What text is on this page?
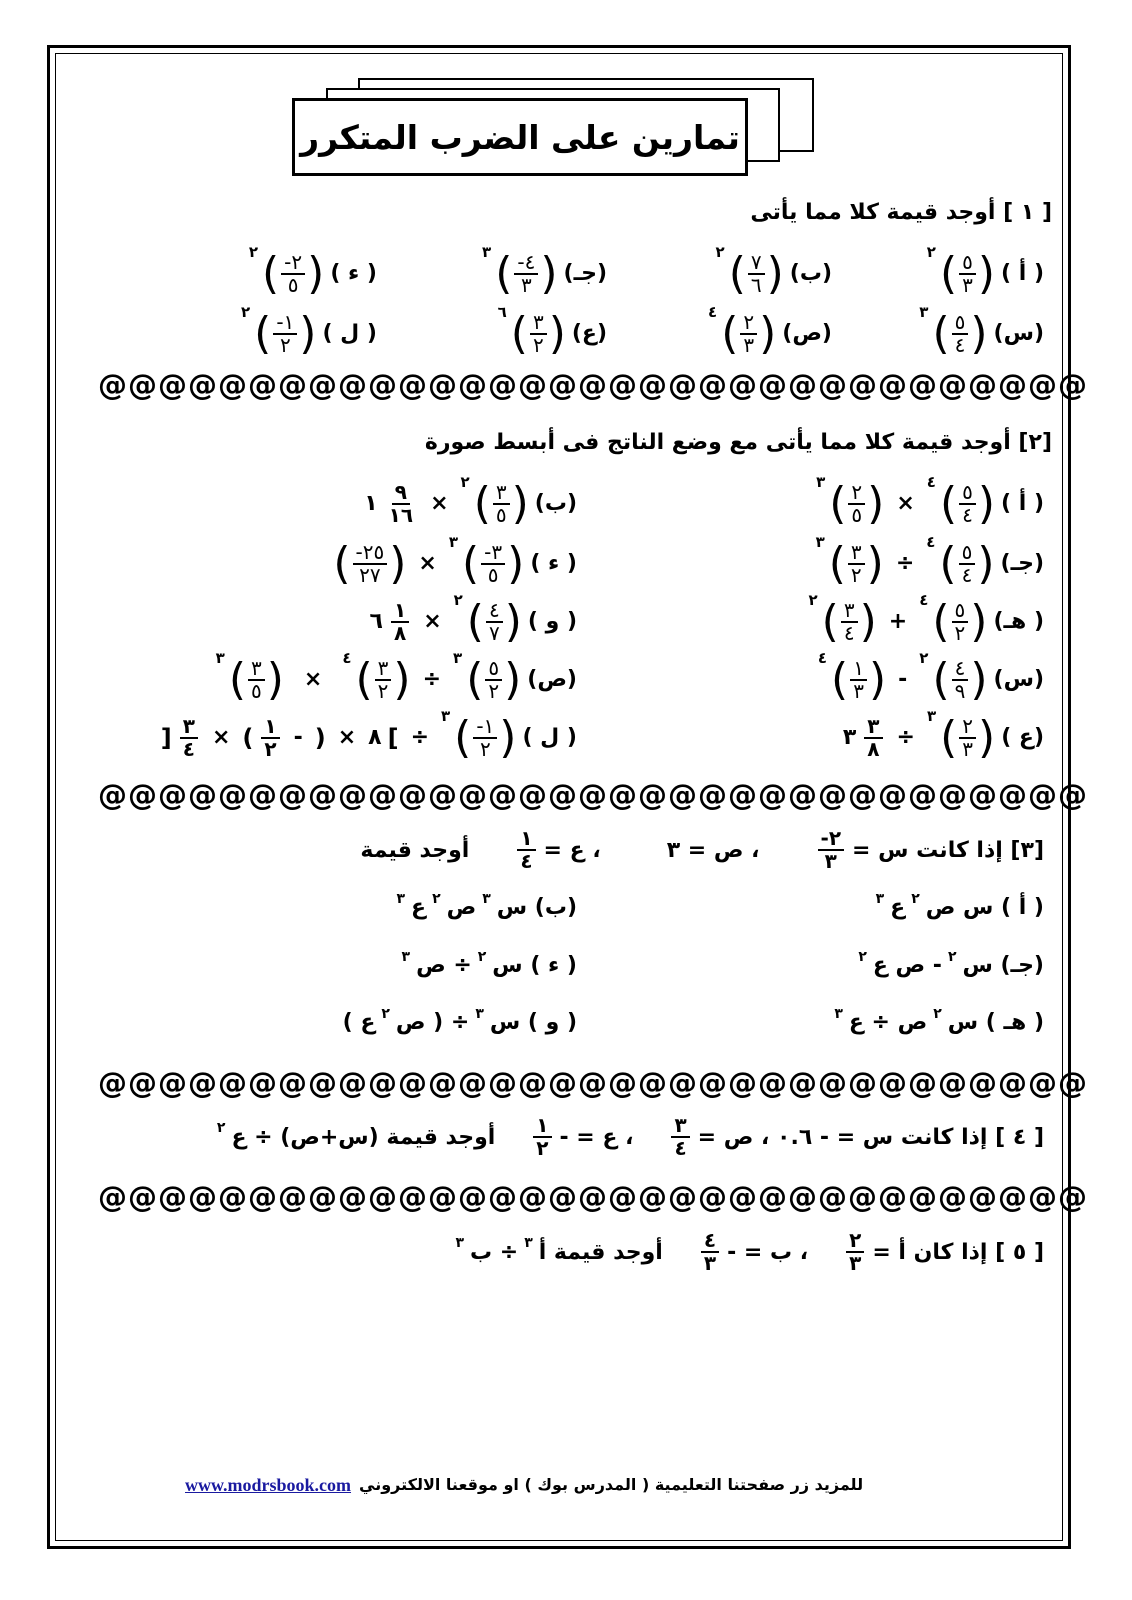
تمارين على الضرب المتكرر
[ ١ ] أوجد قيمة كلا مما يأتى
( أ )
(
$\frac{٥}{٣}$
)
٢
(ب)
(
$\frac{٧}{٦}$
)
٢
(جـ)
(
$\frac{٤-}{٣}$
)
٣
( ء )
(
$\frac{٢-}{٥}$
)
٢
(س)
(
$\frac{٥}{٤}$
)
٣
(ص)
(
$\frac{٢}{٣}$
)
٤
(ع)
(
$\frac{٣}{٢}$
)
٦
( ل )
(
$\frac{١-}{٢}$
)
٢
@@@@@@@@@@@@@@@@@@@@@@@@@@@@@@@@@
[٢] أوجد قيمة كلا مما يأتى مع وضع الناتج فى أبسط صورة
( أ )
(
$\frac{٥}{٤}$
)
٤
×
(
$\frac{٢}{٥}$
)
٣
(ب)
(
$\frac{٣}{٥}$
)
٢
×
$\frac{٩}{١٦}$
١
(جـ)
(
$\frac{٥}{٤}$
)
٤
÷
(
$\frac{٣}{٢}$
)
٣
( ء )
(
$\frac{٣-}{٥}$
)
٣
×
(
$\frac{٢٥-}{٢٧}$
)
( هـ)
(
$\frac{٥}{٢}$
)
٤
+
(
$\frac{٣}{٤}$
)
٢
( و )
(
$\frac{٤}{٧}$
)
٢
×
$\frac{١}{٨}$
٦
(س)
(
$\frac{٤}{٩}$
)
٢
-
(
$\frac{١}{٣}$
)
٤
(ص)
(
$\frac{٥}{٢}$
)
٣
÷
(
$\frac{٣}{٢}$
)
٤
×
(
$\frac{٣}{٥}$
)
٣
(ع )
(
$\frac{٢}{٣}$
)
٣
÷
$\frac{٣}{٨}$
٣
( ل )
(
$\frac{١-}{٢}$
)
٣
÷
]
٨
×
(
-
$\frac{١}{٢}$
)
×
$\frac{٣}{٤}$
[
@@@@@@@@@@@@@@@@@@@@@@@@@@@@@@@@@
[٣] إذا كانت س =
$\frac{٢-}{٣}$
، ص = ٣
، ع =
$\frac{١}{٤}$
أوجد قيمة
( أ ) س ص
٢
ع
٣
(ب) س
٣
ص
٢
ع
٣
(جـ) س
٢
- ص ع
٢
( ء ) س
٢
÷ ص
٣
( هـ ) س
٢
ص ÷ ع
٣
( و ) س
٣
÷ ( ص
٢
ع )
@@@@@@@@@@@@@@@@@@@@@@@@@@@@@@@@@
[ ٤ ] إذا كانت س = - ٠.٦ ، ص =
$\frac{٣}{٤}$
، ع = -
$\frac{١}{٢}$
أوجد قيمة (س+ص) ÷ ع
٢
@@@@@@@@@@@@@@@@@@@@@@@@@@@@@@@@@
[ ٥ ] إذا كان أ =
$\frac{٢}{٣}$
، ب = -
$\frac{٤}{٣}$
أوجد قيمة أ
٣
÷ ب
٣
www.modrsbook.com للمزيد زر صفحتنا التعليمية ( المدرس بوك ) او موقعنا الالكتروني
